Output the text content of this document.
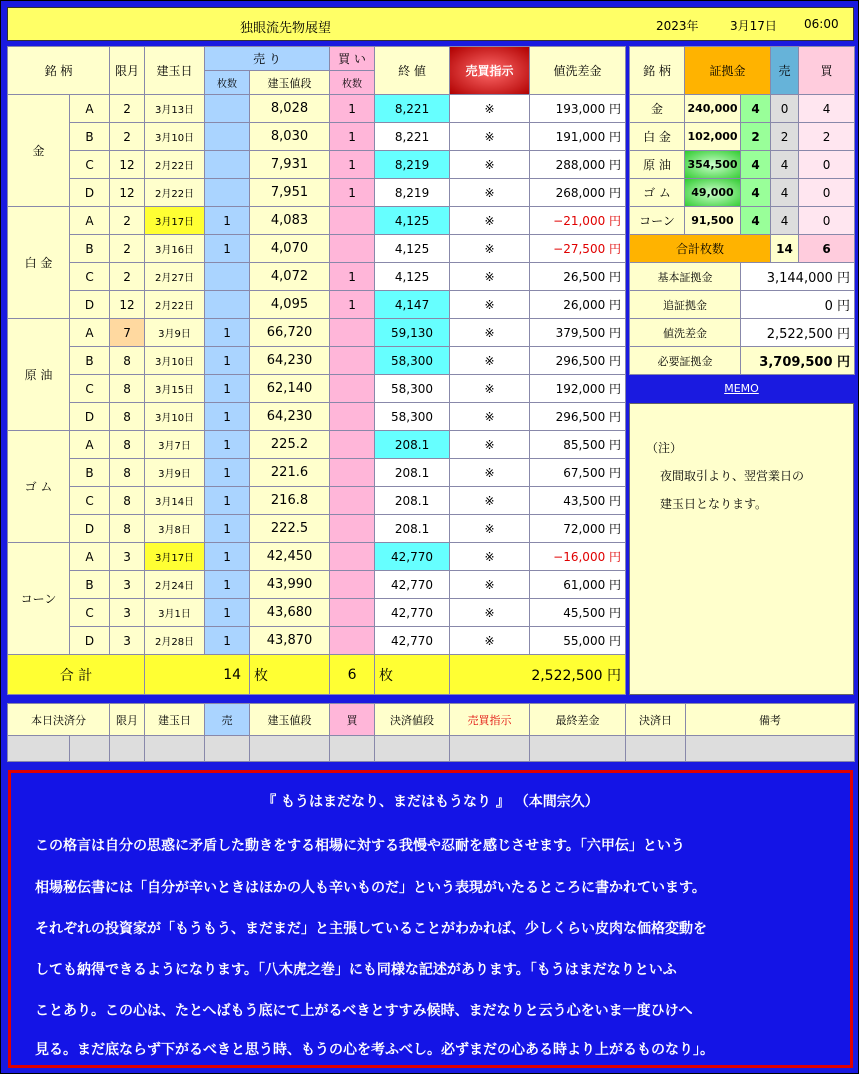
独眼流先物展望	2023年	3月17日 06:00
銘 柄		限月	建玉日	売 り		買 い	終 値	売買指示	値洗差金
				枚数	建玉値段	枚数			
金	A	2	3月13日		8,028	1	8,221	※	193,000 円
	B	2	3月10日		8,030	1	8,221	※	191,000 円
	C	12	2月22日		7,931	1	8,219	※	288,000 円
	D	12	2月22日		7,951	1	8,219	※	268,000 円
白 金	A	2	3月17日	1	4,083		4,125	※	−21,000 円
	B	2	3月16日	1	4,070		4,125	※	−27,500 円
	C	2	2月27日		4,072	1	4,125	※	26,500 円
	D	12	2月22日		4,095	1	4,147	※	26,000 円
原 油	A	7	3月9日	1	66,720		59,130	※	379,500 円
	B	8	3月10日	1	64,230		58,300	※	296,500 円
	C	8	3月15日	1	62,140		58,300	※	192,000 円
	D	8	3月10日	1	64,230		58,300	※	296,500 円
ゴ ム	A	8	3月7日	1	225.2		208.1	※	85,500 円
	B	8	3月9日	1	221.6		208.1	※	67,500 円
	C	8	3月14日	1	216.8		208.1	※	43,500 円
	D	8	3月8日	1	222.5		208.1	※	72,000 円
コーン	A	3	3月17日	1	42,450		42,770	※	−16,000 円
	B	3	2月24日	1	43,990		42,770	※	61,000 円
	C	3	3月1日	1	43,680		42,770	※	45,500 円
	D	3	2月28日	1	43,870		42,770	※	55,000 円
合 計			14		枚	6	枚	2,522,500 円	
銘 柄	証拠金		売	買
金	240,000	4	0	4
白 金	102,000	2	2	2
原 油	354,500	4	4	0
ゴ ム	49,000	4	4	0
コーン	91,500	4	4	0
合計枚数			14	6
基本証拠金		3,144,000 円		
追証拠金		0 円		
値洗差金		2,522,500 円		
必要証拠金		3,709,500 円		
MEMO
（注）
夜間取引より、翌営業日の
建玉日となります。
本日決済分		限月	建玉日	売	建玉値段	買	決済値段	売買指示	最終差金	決済日	備考

『 もうはまだなり、まだはもうなり 』 （本間宗久）
この格言は自分の思惑に矛盾した動きをする相場に対する我慢や忍耐を感じさせます。「六甲伝」という
相場秘伝書には「自分が辛いときはほかの人も辛いものだ」という表現がいたるところに書かれています。
それぞれの投資家が「もうもう、まだまだ」と主張していることがわかれば、少しくらい皮肉な価格変動を
しても納得できるようになります。「八木虎之巻」にも同様な記述があります。「もうはまだなりといふ
ことあり。この心は、たとへばもう底にて上がるべきとすすみ候時、まだなりと云う心をいま一度ひけへ
見る。まだ底ならず下がるべきと思う時、もうの心を考ふべし。必ずまだの心ある時より上がるものなり」。
